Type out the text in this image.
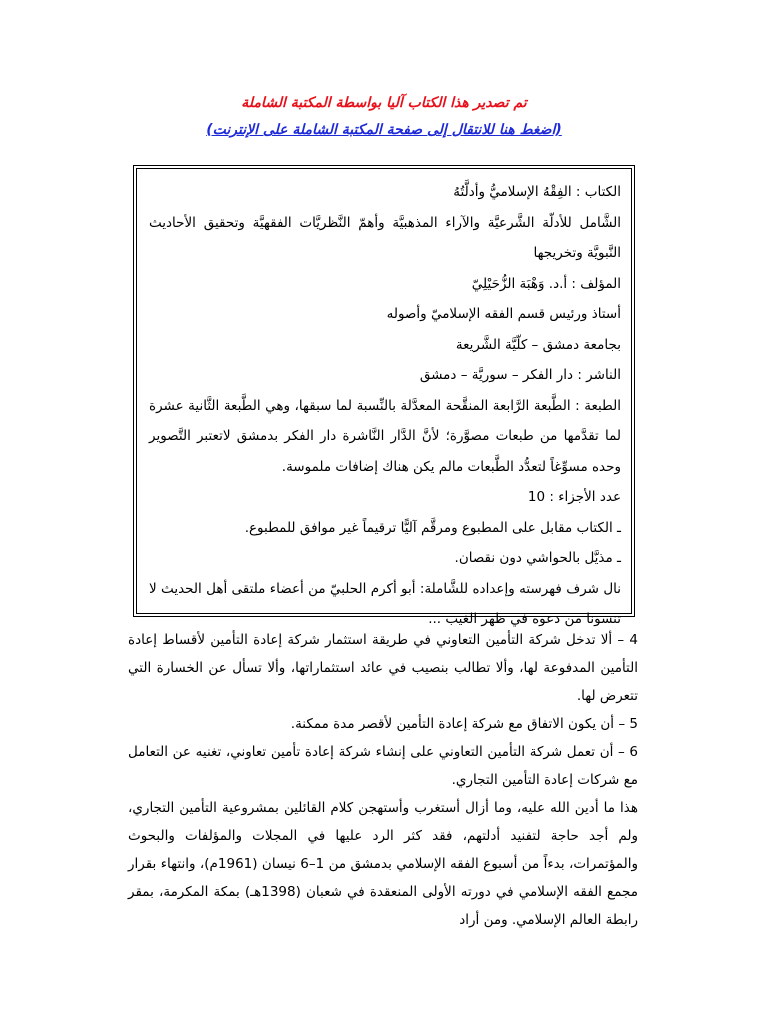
تم تصدير هذا الكتاب آليا بواسطة المكتبة الشاملة
(اضغط هنا للانتقال إلى صفحة المكتبة الشاملة على الإنترنت)

الكتاب : الفِقْهُ الإسلاميُّ وأدلَّتُهُ

الشَّامل للأدلّة الشَّرعيَّة والآراء المذهبيَّة وأهمّ النَّظريَّات الفقهيَّة وتحقيق الأحاديث النَّبويَّة وتخريجها

المؤلف : أ.د. وَهْبَة الزُّحَيْلِيّ

أستاذ ورئيس قسم الفقه الإسلاميّ وأصوله

بجامعة دمشق – كلّيَّة الشَّريعة

الناشر : دار الفكر – سوريَّة – دمشق

الطبعة : الطَّبعة الرَّابعة المنقَّحة المعدَّلة بالنِّسبة لما سبقها، وهي الطَّبعة الثَّانية عشرة لما تقدَّمها من طبعات مصوَّرة؛ لأنَّ الدَّار النَّاشرة دار الفكر بدمشق لاتعتبر التَّصوير وحده مسوِّغاً لتعدُّد الطَّبعات مالم يكن هناك إضافات ملموسة.

عدد الأجزاء : 10

ـ الكتاب مقابل على المطبوع ومرقَّم آليًّا ترقيماً غير موافق للمطبوع.

ـ مذيَّل بالحواشي دون نقصان.

نال شرف فهرسته وإعداده للشَّاملة: أبو أكرم الحلبيّ من أعضاء ملتقى أهل الحديث لا تنسونا من دعوة في ظهر الغيب ...

4 – ألا تدخل شركة التأمين التعاوني في طريقة استثمار شركة إعادة التأمين لأقساط إعادة التأمين المدفوعة لها، وألا تطالب بنصيب في عائد استثماراتها، وألا تسأل عن الخسارة التي تتعرض لها.

5 – أن يكون الاتفاق مع شركة إعادة التأمين لأقصر مدة ممكنة.

6 – أن تعمل شركة التأمين التعاوني على إنشاء شركة إعادة تأمين تعاوني، تغنيه عن التعامل مع شركات إعادة التأمين التجاري.

هذا ما أدين الله عليه، وما أزال أستغرب وأستهجن كلام القائلين بمشروعية التأمين التجاري، ولم أجد حاجة لتفنيد أدلتهم، فقد كثر الرد عليها في المجلات والمؤلفات والبحوث والمؤتمرات، بدءاً من أسبوع الفقه الإسلامي بدمشق من 1–6 نيسان (1961م)، وانتهاء بقرار مجمع الفقه الإسلامي في دورته الأولى المنعقدة في شعبان (1398هـ) بمكة المكرمة، بمقر رابطة العالم الإسلامي. ومن أراد
